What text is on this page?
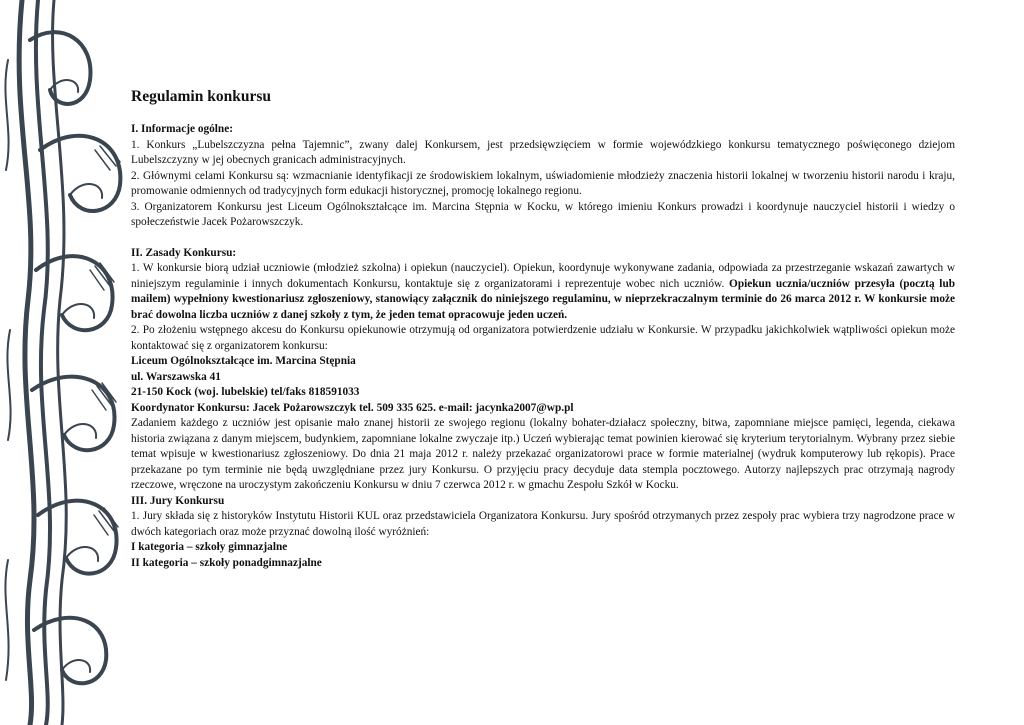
Regulamin konkursu
I. Informacje ogólne:

1. Konkurs „Lubelszczyzna pełna Tajemnic”, zwany dalej Konkursem, jest przedsięwzięciem w formie wojewódzkiego konkursu tematycznego poświęconego dziejom Lubelszczyzny w jej obecnych granicach administracyjnych.

2. Głównymi celami Konkursu są: wzmacnianie identyfikacji ze środowiskiem lokalnym, uświadomienie młodzieży znaczenia historii lokalnej w tworzeniu historii narodu i kraju, promowanie odmiennych od tradycyjnych form edukacji historycznej, promocję lokalnego regionu.

3. Organizatorem Konkursu jest Liceum Ogólnokształcące im. Marcina Stępnia w Kocku, w którego imieniu Konkurs prowadzi i koordynuje nauczyciel historii i wiedzy o społeczeństwie Jacek Pożarowszczyk.

II. Zasady Konkursu:

1. W konkursie biorą udział uczniowie (młodzież szkolna) i opiekun (nauczyciel). Opiekun, koordynuje wykonywane zadania, odpowiada za przestrzeganie wskazań zawartych w niniejszym regulaminie i innych dokumentach Konkursu, kontaktuje się z organizatorami i reprezentuje wobec nich uczniów. Opiekun ucznia/uczniów przesyła (pocztą lub mailem) wypełniony kwestionariusz zgłoszeniowy, stanowiący załącznik do niniejszego regulaminu, w nieprzekraczalnym terminie do 26 marca 2012 r. W konkursie może brać dowolna liczba uczniów z danej szkoły z tym, że jeden temat opracowuje jeden uczeń.

2. Po złożeniu wstępnego akcesu do Konkursu opiekunowie otrzymują od organizatora potwierdzenie udziału w Konkursie. W przypadku jakichkolwiek wątpliwości opiekun może kontaktować się z organizatorem konkursu:

Liceum Ogólnokształcące im. Marcina Stępnia

ul. Warszawska 41

21-150 Kock (woj. lubelskie) tel/faks 818591033

Koordynator Konkursu: Jacek Pożarowszczyk tel. 509 335 625. e-mail: jacynka2007@wp.pl

Zadaniem każdego z uczniów jest opisanie mało znanej historii ze swojego regionu (lokalny bohater-działacz społeczny, bitwa, zapomniane miejsce pamięci, legenda, ciekawa historia związana z danym miejscem, budynkiem, zapomniane lokalne zwyczaje itp.) Uczeń wybierając temat powinien kierować się kryterium terytorialnym. Wybrany przez siebie temat wpisuje w kwestionariusz zgłoszeniowy. Do dnia 21 maja 2012 r. należy przekazać organizatorowi prace w formie materialnej (wydruk komputerowy lub rękopis). Prace przekazane po tym terminie nie będą uwzględniane przez jury Konkursu. O przyjęciu pracy decyduje data stempla pocztowego. Autorzy najlepszych prac otrzymają nagrody rzeczowe, wręczone na uroczystym zakończeniu Konkursu w dniu 7 czerwca 2012 r. w gmachu Zespołu Szkół w Kocku.

III. Jury Konkursu

1. Jury składa się z historyków Instytutu Historii KUL oraz przedstawiciela Organizatora Konkursu. Jury spośród otrzymanych przez zespoły prac wybiera trzy nagrodzone prace w dwóch kategoriach oraz może przyznać dowolną ilość wyróżnień:

I kategoria – szkoły gimnazjalne

II kategoria – szkoły ponadgimnazjalne
